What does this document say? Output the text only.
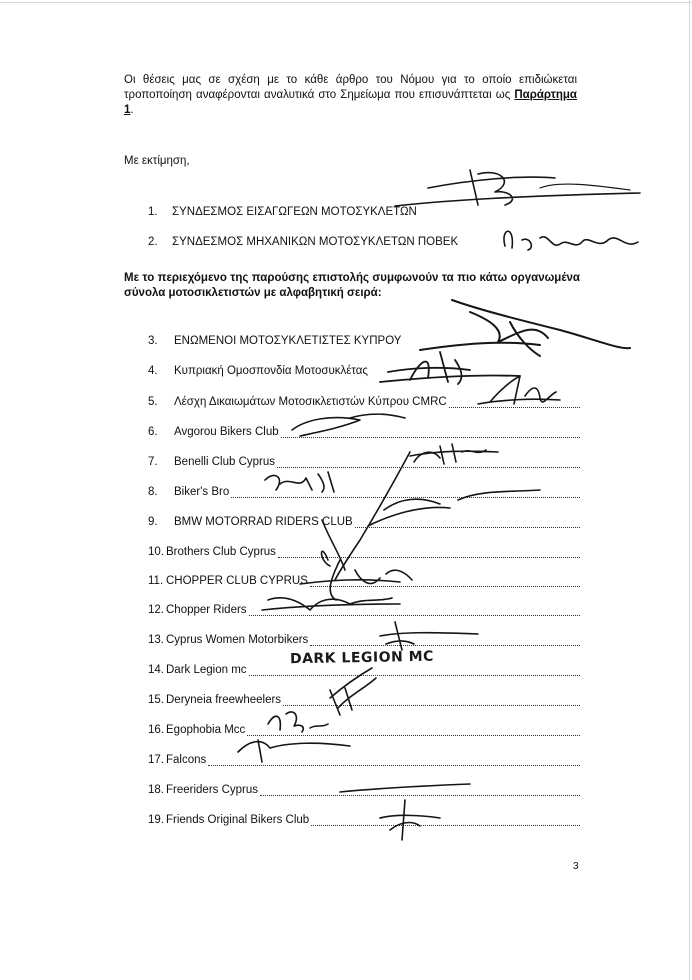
Οι θέσεις μας σε σχέση με το κάθε άρθρο του Νόμου για το οποίο επιδιώκεται τροποποίηση αναφέρονται αναλυτικά στο Σημείωμα που επισυνάπτεται ως Παράρτημα 1.

Με εκτίμηση,
1.	ΣΥΝΔΕΣΜΟΣ ΕΙΣΑΓΩΓΕΩΝ ΜΟΤΟΣΥΚΛΕΤΩΝ
2.	ΣΥΝΔΕΣΜΟΣ ΜΗΧΑΝΙΚΩΝ ΜΟΤΟΣΥΚΛΕΤΩΝ ΠΟΒΕΚ
Με το περιεχόμενο της παρούσης επιστολής συμφωνούν τα πιο κάτω οργανωμένα σύνολα μοτοσικλετιστών με αλφαβητική σειρά:
3.	ΕΝΩΜΕΝΟΙ ΜΟΤΟΣΥΚΛΕΤΙΣΤΕΣ ΚΥΠΡΟΥ
4.	Κυπριακή Ομοσπονδία Μοτοσυκλέτας
5.	Λέσχη Δικαιωμάτων Μοτοσικλετιστών Κύπρου CMRC
6.	Avgorou Bikers Club
7.	Benelli Club Cyprus
8.	Biker's Bro
9.	BMW MOTORRAD RIDERS CLUB
10. Brothers Club Cyprus
11. CHOPPER CLUB CYPRUS
12. Chopper Riders
13. Cyprus Women Motorbikers
14. Dark Legion mc
15. Deryneia freewheelers
16. Egophobia Mcc
17. Falcons
18. Freeriders Cyprus
19. Friends Original Bikers Club
DARK LEGION MC
3
